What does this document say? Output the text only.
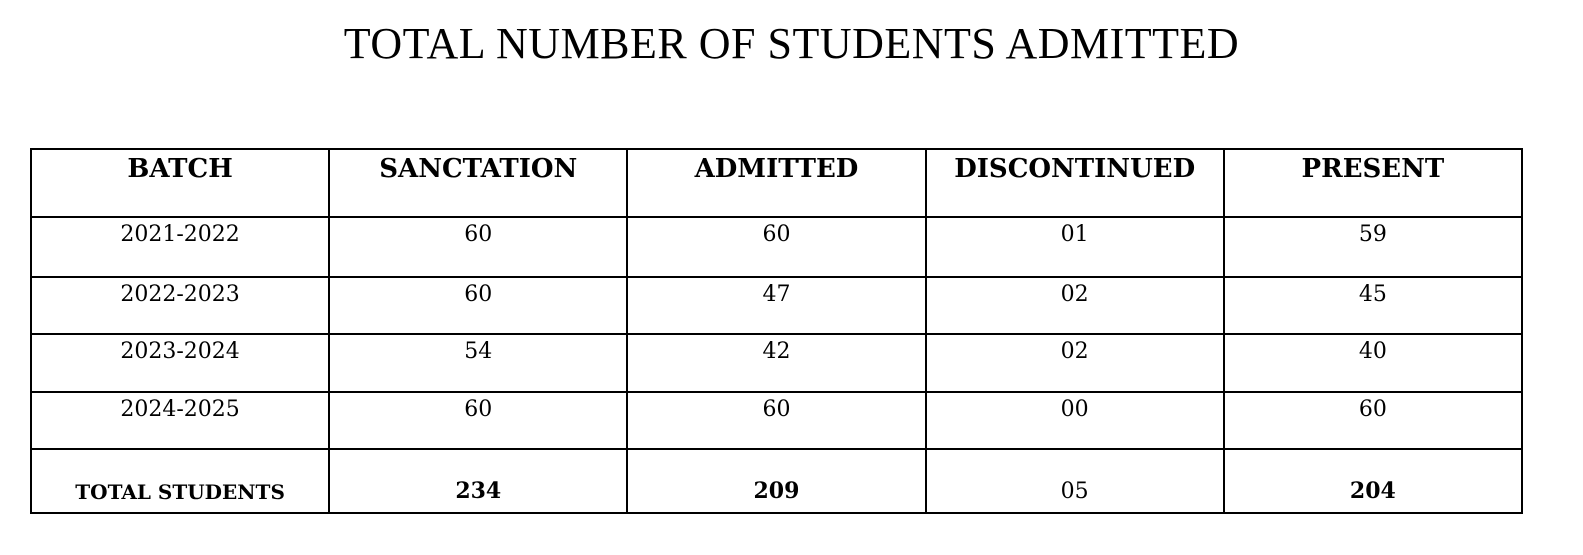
TOTAL NUMBER OF STUDENTS ADMITTED
BATCH	SANCTATION	ADMITTED	DISCONTINUED	PRESENT
2021-2022	60	60	01	59
2022-2023	60	47	02	45
2023-2024	54	42	02	40
2024-2025	60	60	00	60
TOTAL STUDENTS	234	209	05	204
